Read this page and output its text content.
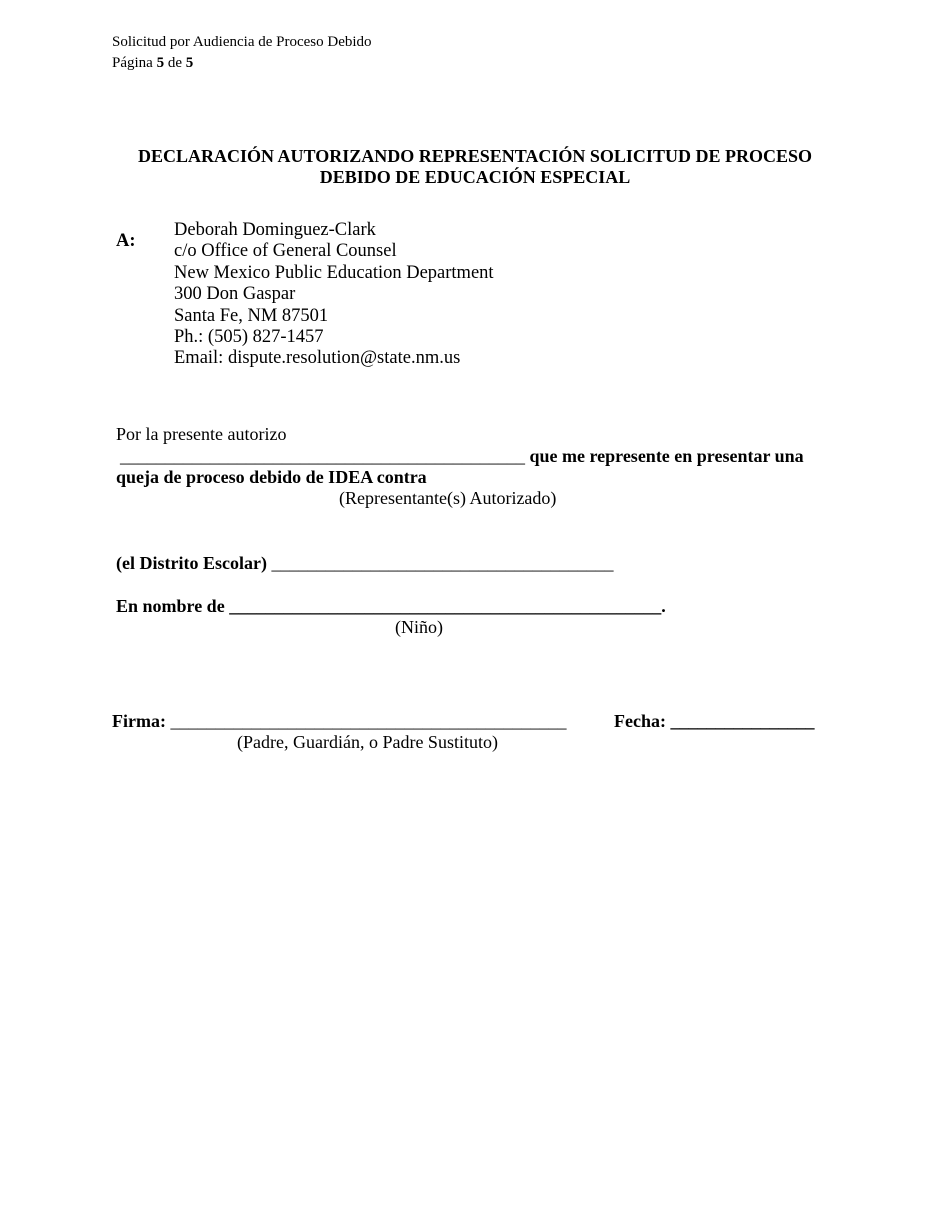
Solicitud por Audiencia de Proceso Debido
Página 5 de 5
DECLARACIÓN AUTORIZANDO REPRESENTACIÓN SOLICITUD DE PROCESO
DEBIDO DE EDUCACIÓN ESPECIAL
A:
Deborah Dominguez-Clark
c/o Office of General Counsel
New Mexico Public Education Department
300 Don Gaspar
Santa Fe, NM 87501
Ph.: (505) 827-1457
Email: dispute.resolution@state.nm.us
Por la presente autorizo
_____________________________________________ que me represente en presentar una
queja de proceso debido de IDEA contra
(Representante(s) Autorizado)
(el Distrito Escolar) ______________________________________
En nombre de ________________________________________________.
(Niño)
Firma: ____________________________________________
(Padre, Guardián, o Padre Sustituto)
Fecha: ________________
